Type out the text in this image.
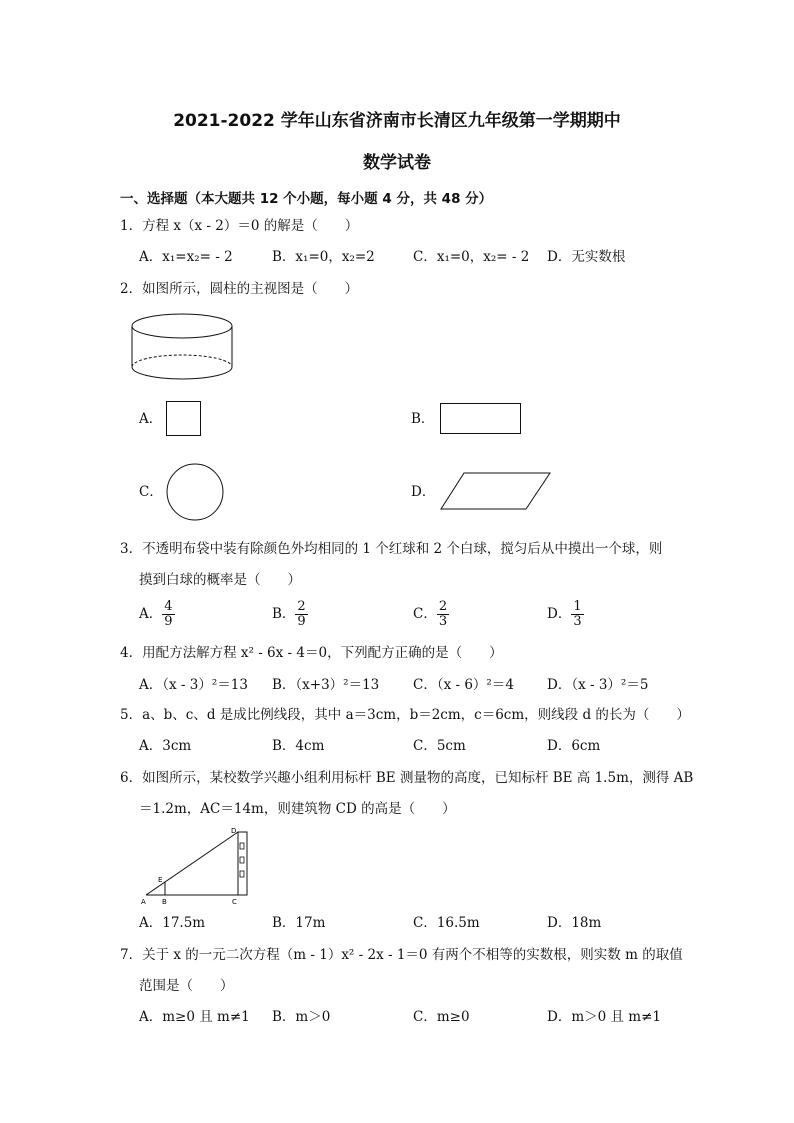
2021-2022 学年山东省济南市长清区九年级第一学期期中
数学试卷
一、选择题（本大题共 12 个小题，每小题 4 分，共 48 分）
1．方程 x（x - 2）＝0 的解是（　　）
A．x₁=x₂= - 2	B．x₁=0，x₂=2	C．x₁=0，x₂= - 2 D．无实数根
2．如图所示，圆柱的主视图是（　　）
A．	B．
C．	D．
3．不透明布袋中装有除颜色外均相同的 1 个红球和 2 个白球，搅匀后从中摸出一个球，则
摸到白球的概率是（　　）
A． $\frac{4}{9}$	B． $\frac{2}{9}$	C． $\frac{2}{3}$	D． $\frac{1}{3}$
4．用配方法解方程 x² - 6x - 4＝0，下列配方正确的是（　　）
A．（x - 3）²＝13 B．（x+3）²＝13 C．（x - 6）²＝4 D．（x - 3）²＝5
5．a、b、c、d 是成比例线段，其中 a＝3cm，b＝2cm，c＝6cm，则线段 d 的长为（　　）
A．3cm	B．4cm	C．5cm	D．6cm
6．如图所示，某校数学兴趣小组利用标杆 BE 测量物的高度，已知标杆 BE 高 1.5m，测得 AB
＝1.2m，AC＝14m，则建筑物 CD 的高是（　　）
A B	C
D
E
A．17.5m	B．17m	C．16.5m	D．18m
7．关于 x 的一元二次方程（m - 1）x² - 2x - 1＝0 有两个不相等的实数根，则实数 m 的取值
范围是（　　）
A．m≥0 且 m≠1 B．m＞0	C．m≥0	D．m＞0 且 m≠1
